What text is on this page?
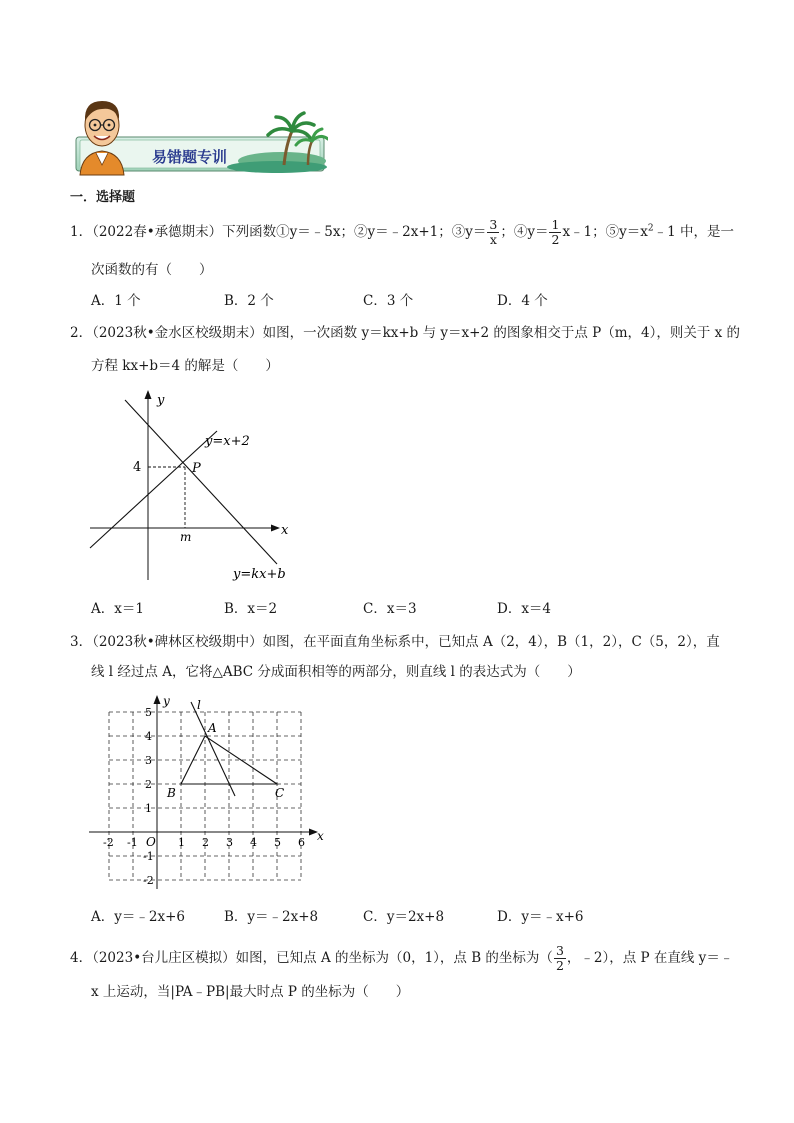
易错题专训
一．选择题
1．（2022春•承德期末）下列函数①y＝﹣5x；②y＝﹣2x+1；③y＝ $\frac{3}{x}$ ；④y＝ $\frac{1}{2}$ x﹣1；$⑤y=x^2﹣1$ 中，是一
次函数的有（　　）
A．1 个	B．2 个	C．3 个	D．4 个
2．（2023秋•金水区校级期末）如图，一次函数 y＝kx+b 与 y＝x+2 的图象相交于点 P（m，4），则关于 x 的
方程 kx+b＝4 的解是（　　）
y
x
4	P
m
y=x+2
y=kx+b
A．x＝1	B．x＝2	C．x＝3	D．x＝4
3．（2023秋•碑林区校级期中）如图，在平面直角坐标系中，已知点 A（2，4），B（1，2），C（5，2），直
线 l 经过点 A，它将△ABC 分成面积相等的两部分，则直线 l 的表达式为（　　）
y
x
l
A
B	C
O
-2 -1	1 2 3 4 5 6
5
4
3
2
1
-1
-2
A．y＝﹣2x+6	B．y＝﹣2x+8	C．y＝2x+8	D．y＝﹣x+6
4．（2023•台儿庄区模拟）如图，已知点 A 的坐标为（0，1），点 B 的坐标为（ $\frac{3}{2}$ ，﹣2），点 P 在直线 y＝﹣
x 上运动，当|PA﹣PB|最大时点 P 的坐标为（　　）
